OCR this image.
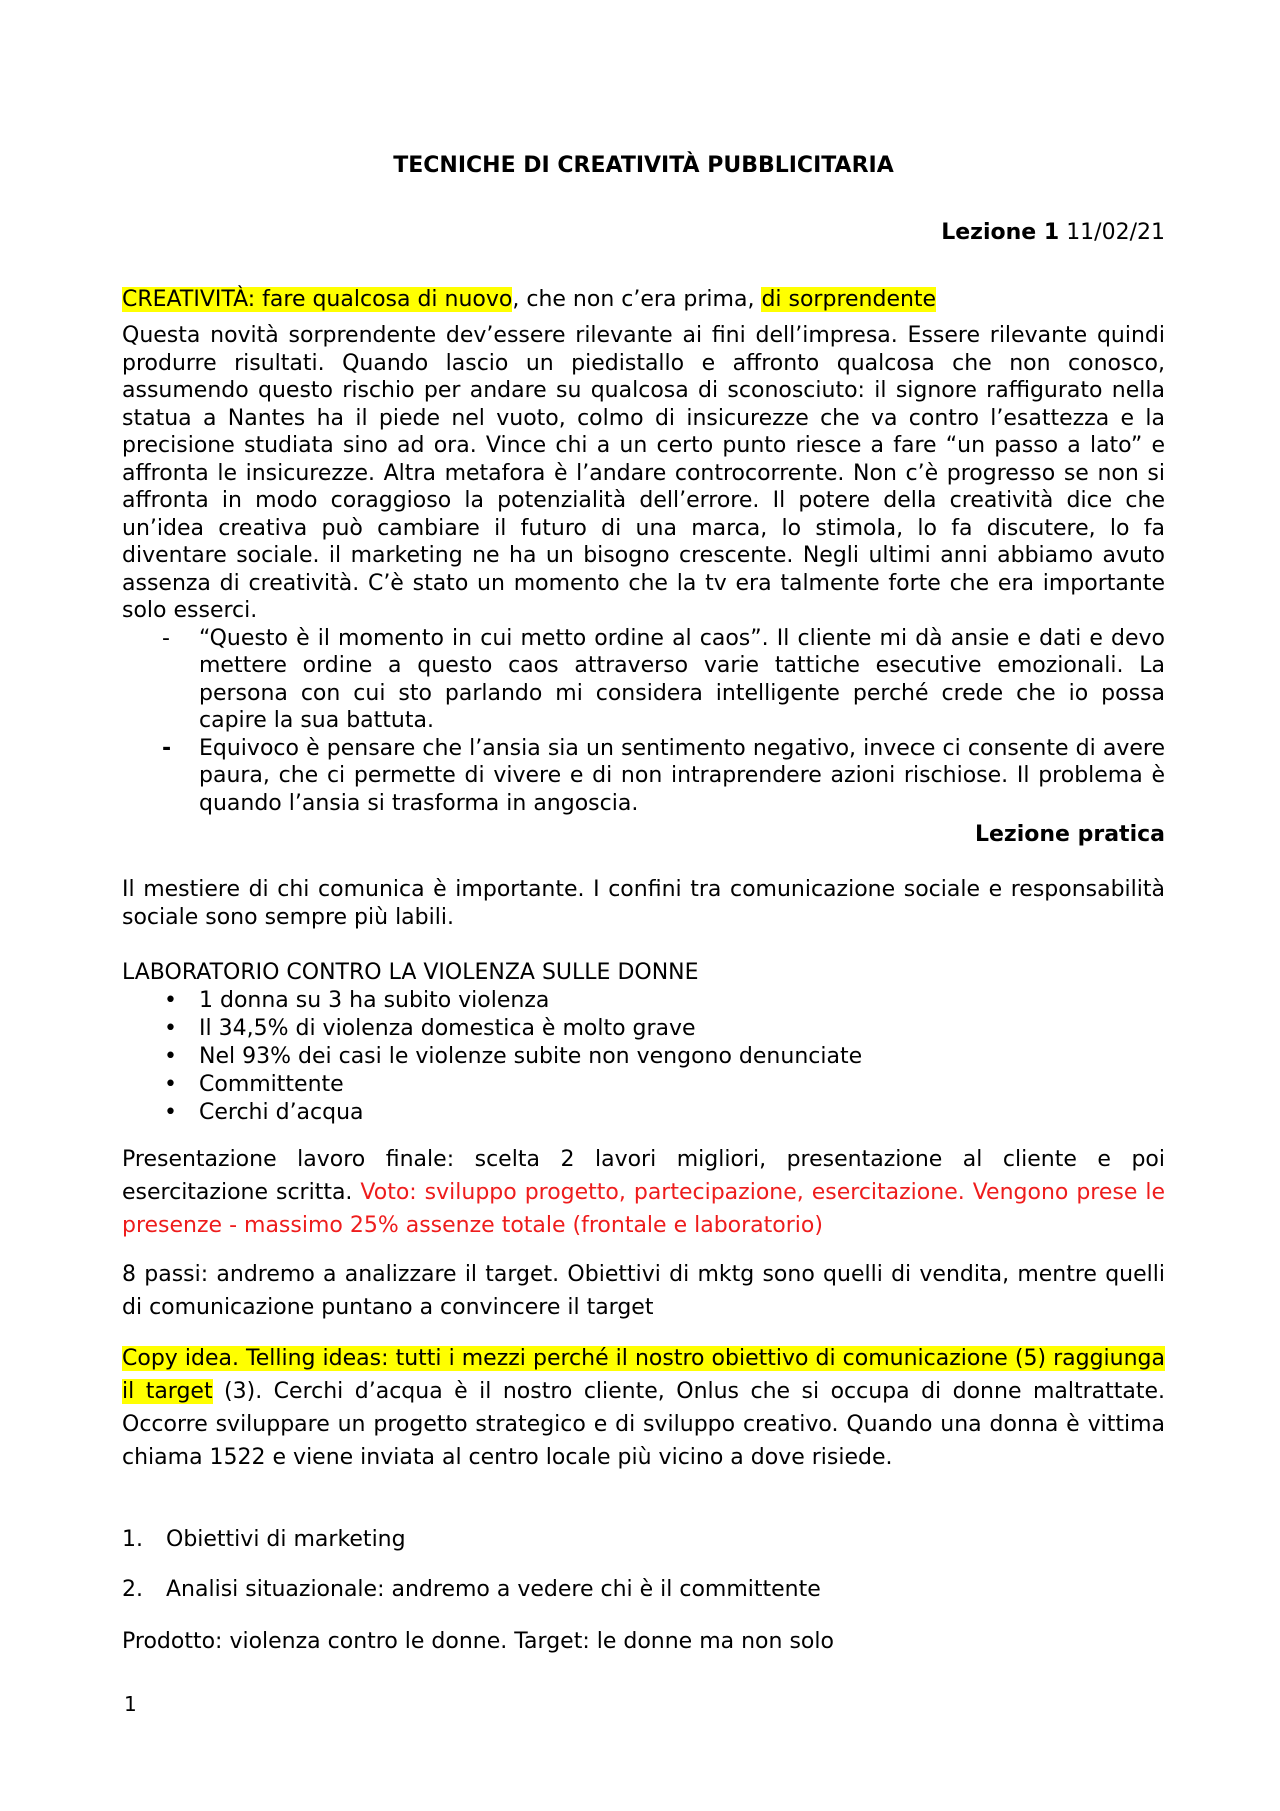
TECNICHE DI CREATIVITÀ PUBBLICITARIA
Lezione 1 11/02/21
CREATIVITÀ: fare qualcosa di nuovo, che non c’era prima, di sorprendente
Questa novità sorprendente dev’essere rilevante ai fini dell’impresa. Essere rilevante quindi produrre risultati. Quando lascio un piedistallo e affronto qualcosa che non conosco, assumendo questo rischio per andare su qualcosa di sconosciuto: il signore raffigurato nella statua a Nantes ha il piede nel vuoto, colmo di insicurezze che va contro l’esattezza e la precisione studiata sino ad ora. Vince chi a un certo punto riesce a fare “un passo a lato” e affronta le insicurezze. Altra metafora è l’andare controcorrente. Non c’è progresso se non si affronta in modo coraggioso la potenzialità dell’errore. Il potere della creatività dice che un’idea creativa può cambiare il futuro di una marca, lo stimola, lo fa discutere, lo fa diventare sociale. il marketing ne ha un bisogno crescente. Negli ultimi anni abbiamo avuto assenza di creatività. C’è stato un momento che la tv era talmente forte che era importante solo esserci.
- “Questo è il momento in cui metto ordine al caos”. Il cliente mi dà ansie e dati e devo mettere ordine a questo caos attraverso varie tattiche esecutive emozionali. La persona con cui sto parlando mi considera intelligente perché crede che io possa capire la sua battuta.
- Equivoco è pensare che l’ansia sia un sentimento negativo, invece ci consente di avere paura, che ci permette di vivere e di non intraprendere azioni rischiose. Il problema è quando l’ansia si trasforma in angoscia.
Lezione pratica
Il mestiere di chi comunica è importante. I confini tra comunicazione sociale e responsabilità sociale sono sempre più labili.
LABORATORIO CONTRO LA VIOLENZA SULLE DONNE
• 1 donna su 3 ha subito violenza
• Il 34,5% di violenza domestica è molto grave
• Nel 93% dei casi le violenze subite non vengono denunciate
• Committente
• Cerchi d’acqua
Presentazione lavoro finale: scelta 2 lavori migliori, presentazione al cliente e poi esercitazione scritta. Voto: sviluppo progetto, partecipazione, esercitazione. Vengono prese le presenze - massimo 25% assenze totale (frontale e laboratorio)
8 passi: andremo a analizzare il target. Obiettivi di mktg sono quelli di vendita, mentre quelli di comunicazione puntano a convincere il target
Copy idea. Telling ideas: tutti i mezzi perché il nostro obiettivo di comunicazione (5) raggiunga il target (3). Cerchi d’acqua è il nostro cliente, Onlus che si occupa di donne maltrattate. Occorre sviluppare un progetto strategico e di sviluppo creativo. Quando una donna è vittima chiama 1522 e viene inviata al centro locale più vicino a dove risiede.
1. Obiettivi di marketing
2. Analisi situazionale: andremo a vedere chi è il committente
Prodotto: violenza contro le donne. Target: le donne ma non solo
1
